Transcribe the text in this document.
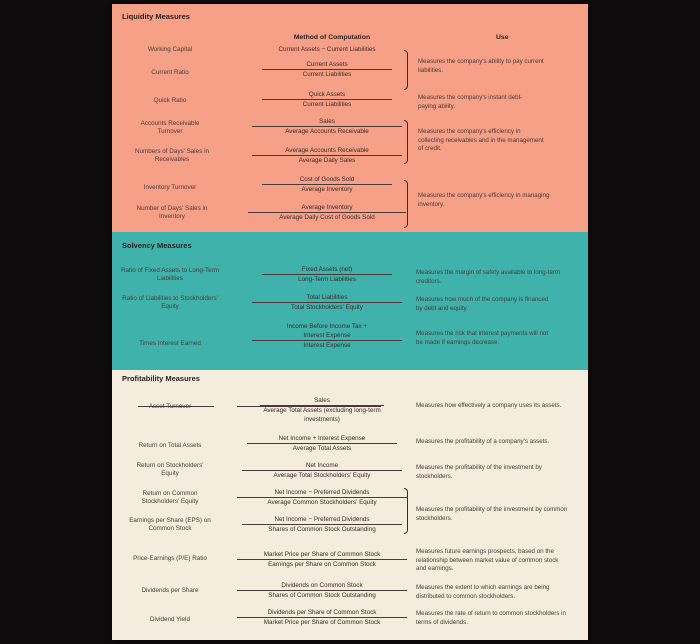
Liquidity Measures
Method of Computation	Use
Working Capital	Current Assets − Current Liabilities
Current Ratio
Current Assets
Current Liabilities
Quick Ratio
Quick Assets
Current Liabilities
Accounts Receivable Turnover
Sales
Average Accounts Receivable
Numbers of Days' Sales in Receivables
Average Accounts Receivable
Average Daily Sales
Inventory Turnover
Cost of Goods Sold
Average Inventory
Number of Days' Sales in Inventory
Average Inventory
Average Daily Cost of Goods Sold
Measures the company's ability to pay current liabilities.
Measures the company's instant debt-paying ability.
Measures the company's efficiency in collecting receivables and in the management of credit.
Measures the company's efficiency in managing inventory.
Solvency Measures
Ratio of Fixed Assets to Long-Term Liabilities
Fixed Assets (net)
Long-Term Liabilities
Ratio of Liabilities to Stockholders' Equity
Total Liabilities
Total Stockholders' Equity
Times Interest Earned
Income Before Income Tax + Interest Expense
Interest Expense
Measures the margin of safety available to long-term creditors.
Measures how much of the company is financed by debt and equity.
Measures the risk that interest payments will not be made if earnings decrease.
Profitability Measures
Asset Turnover
Sales
Average Total Assets (excluding long-term investments)
Return on Total Assets
Net Income + Interest Expense
Average Total Assets
Return on Stockholders' Equity
Net Income
Average Total Stockholders' Equity
Return on Common Stockholders' Equity
Net Income − Preferred Dividends
Average Common Stockholders' Equity
Earnings per Share (EPS) on Common Stock
Net Income − Preferred Dividends
Shares of Common Stock Outstanding
Price-Earnings (P/E) Ratio
Market Price per Share of Common Stock
Earnings per Share on Common Stock
Dividends per Share
Dividends on Common Stock
Shares of Common Stock Outstanding
Dividend Yield
Dividends per Share of Common Stock
Market Price per Share of Common Stock
Measures how effectively a company uses its assets.
Measures the profitability of a company's assets.
Measures the profitability of the investment by stockholders.
Measures the profitability of the investment by common stockholders.
Measures future earnings prospects, based on the relationship between market value of common stock and earnings.
Measures the extent to which earnings are being distributed to common stockholders.
Measures the rate of return to common stockholders in terms of dividends.
